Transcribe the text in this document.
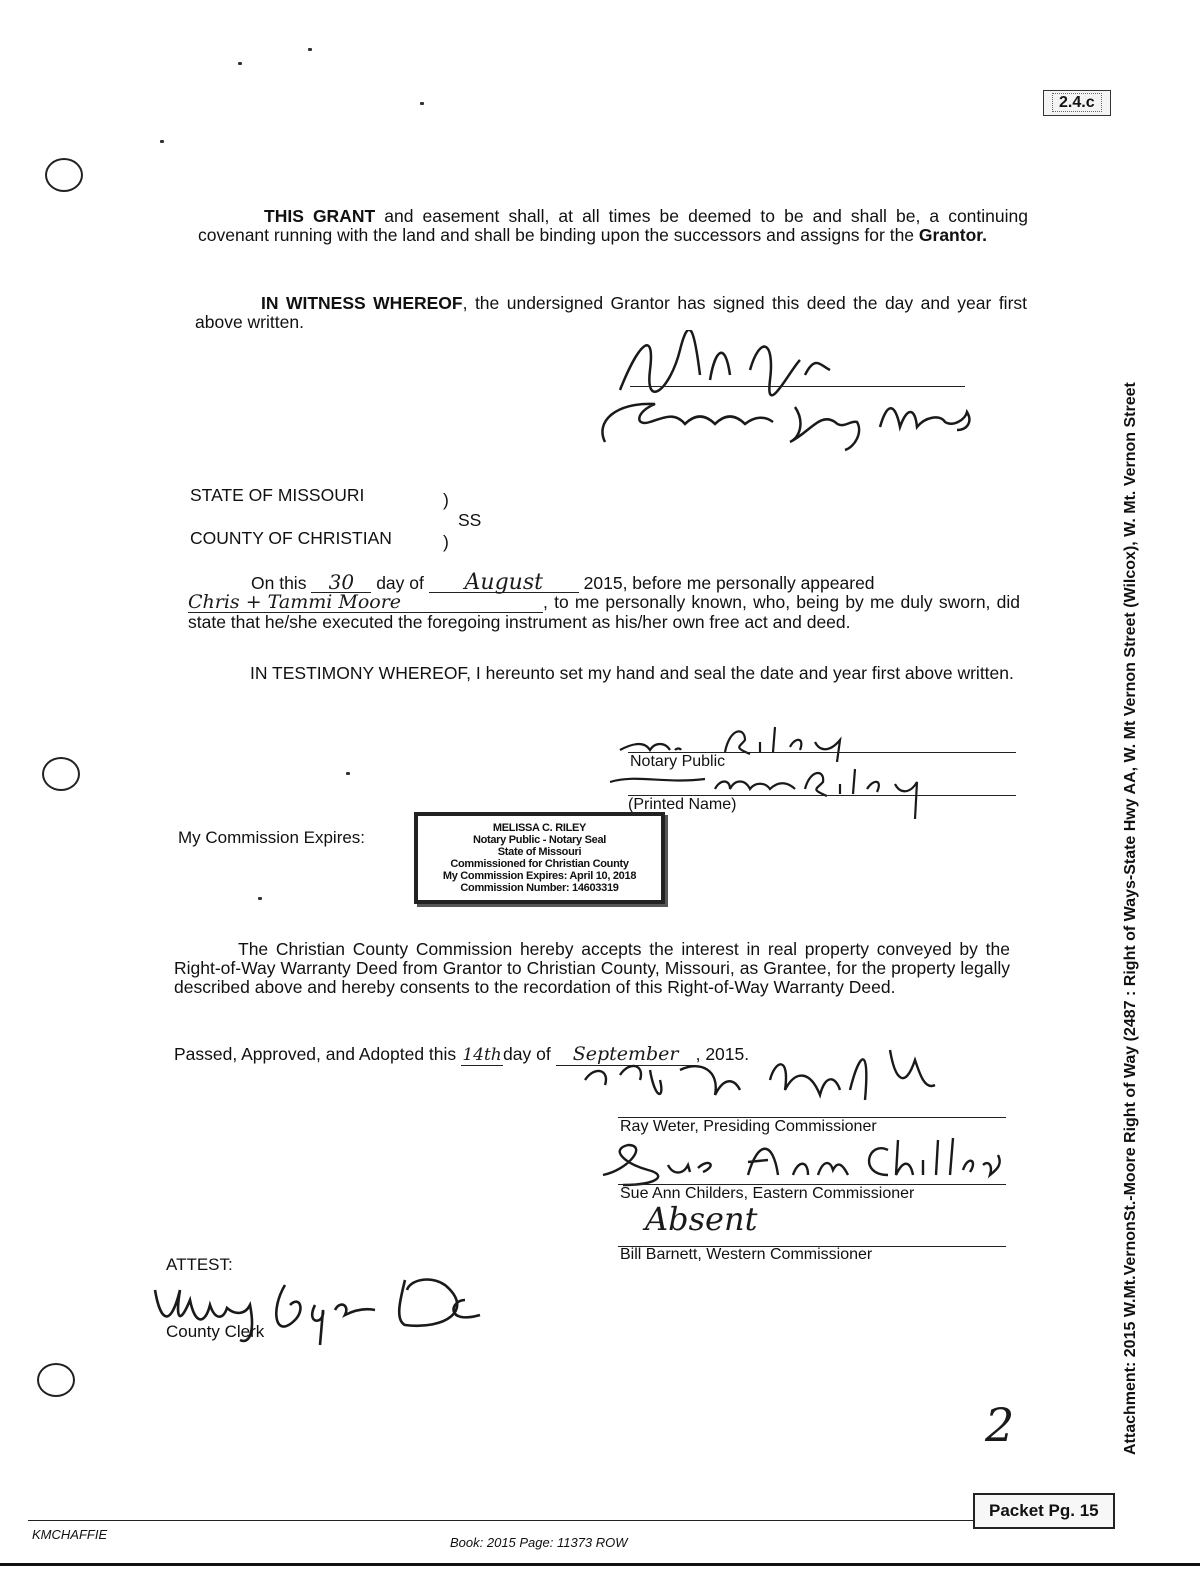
2.4.c
Attachment: 2015 W.Mt.VernonSt.-Moore Right of Way (2487 : Right of Ways-State Hwy AA, W. Mt Vernon Street (Wilcox), W. Mt. Vernon Street
THIS GRANT and easement shall, at all times be deemed to be and shall be, a continuing covenant running with the land and shall be binding upon the successors and assigns for the Grantor.
IN WITNESS WHEREOF, the undersigned Grantor has signed this deed the day and year first above written.
STATE OF MISSOURI
COUNTY OF CHRISTIAN
)
)
SS
On this 30 day of August 2015, before me personally appeared
Chris + Tammi Moore	, to me personally known, who, being by me duly sworn, did state that he/she executed the foregoing instrument as his/her own free act and deed.
IN TESTIMONY WHEREOF, I hereunto set my hand and seal the date and year first above written.
Notary Public
(Printed Name)
My Commission Expires:	MELISSA C. RILEY
Notary Public - Notary Seal
State of Missouri
Commissioned for Christian County
My Commission Expires: April 10, 2018
Commission Number: 14603319
The Christian County Commission hereby accepts the interest in real property conveyed by the Right-of-Way Warranty Deed from Grantor to Christian County, Missouri, as Grantee, for the property legally described above and hereby consents to the recordation of this Right-of-Way Warranty Deed.
Passed, Approved, and Adopted this 14thday of September , 2015.
Ray Weter, Presiding Commissioner
Sue Ann Childers, Eastern Commissioner
Absent
Bill Barnett, Western Commissioner
ATTEST:
County Clerk
2
KMCHAFFIE
Book: 2015 Page: 11373 ROW
Packet Pg. 15
